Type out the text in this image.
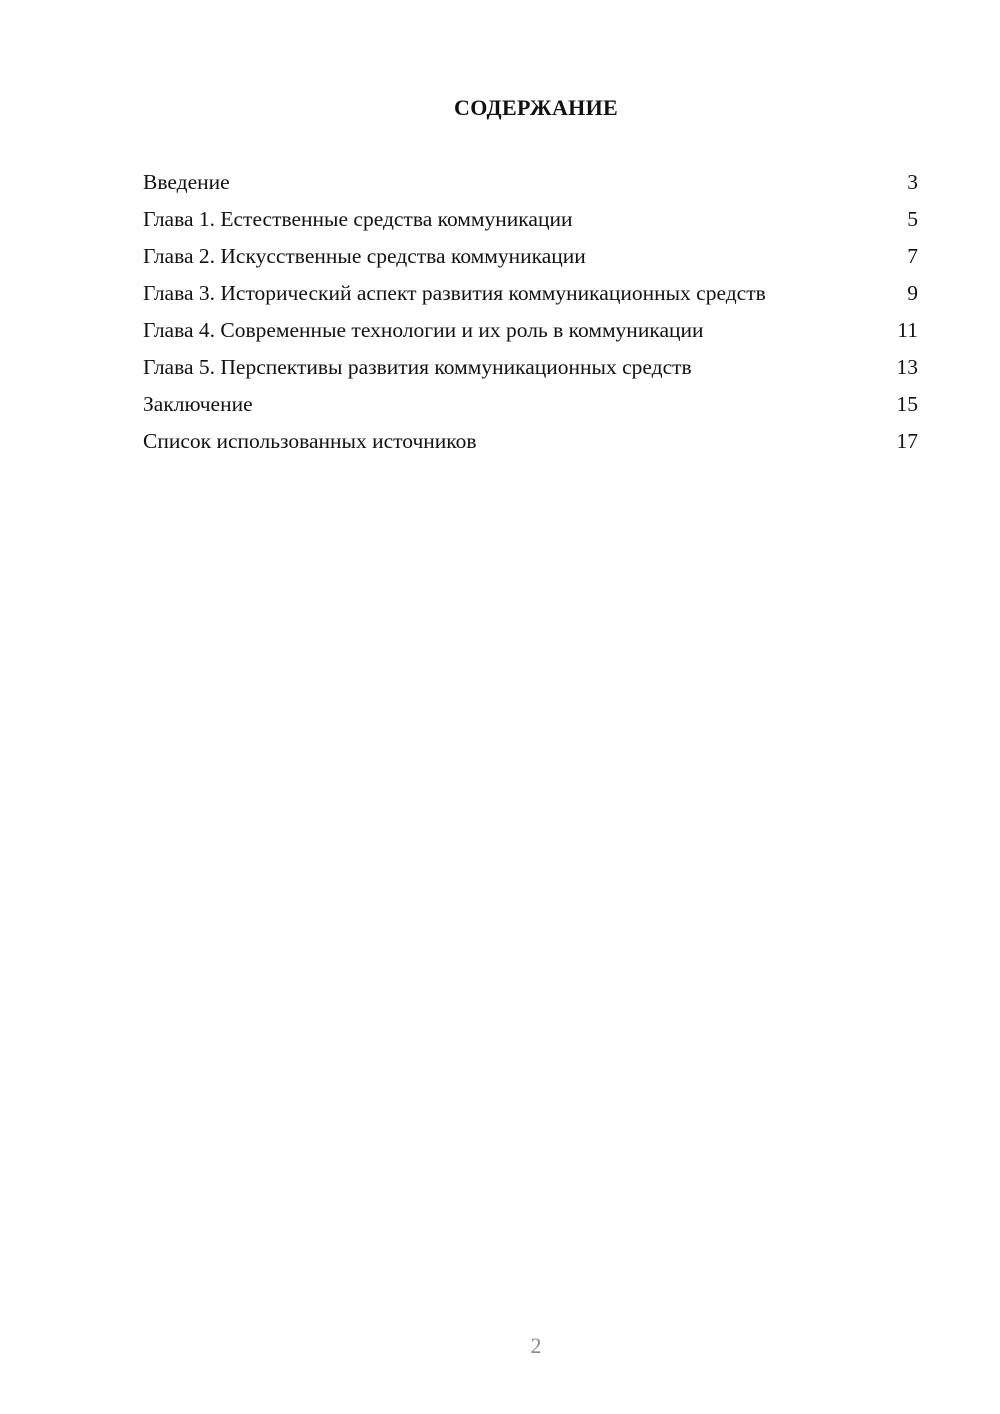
СОДЕРЖАНИЕ
Введение	3
Глава 1. Естественные средства коммуникации	5
Глава 2. Искусственные средства коммуникации	7
Глава 3. Исторический аспект развития коммуникационных средств	9
Глава 4. Современные технологии и их роль в коммуникации	11
Глава 5. Перспективы развития коммуникационных средств	13
Заключение	15
Список использованных источников	17
2
